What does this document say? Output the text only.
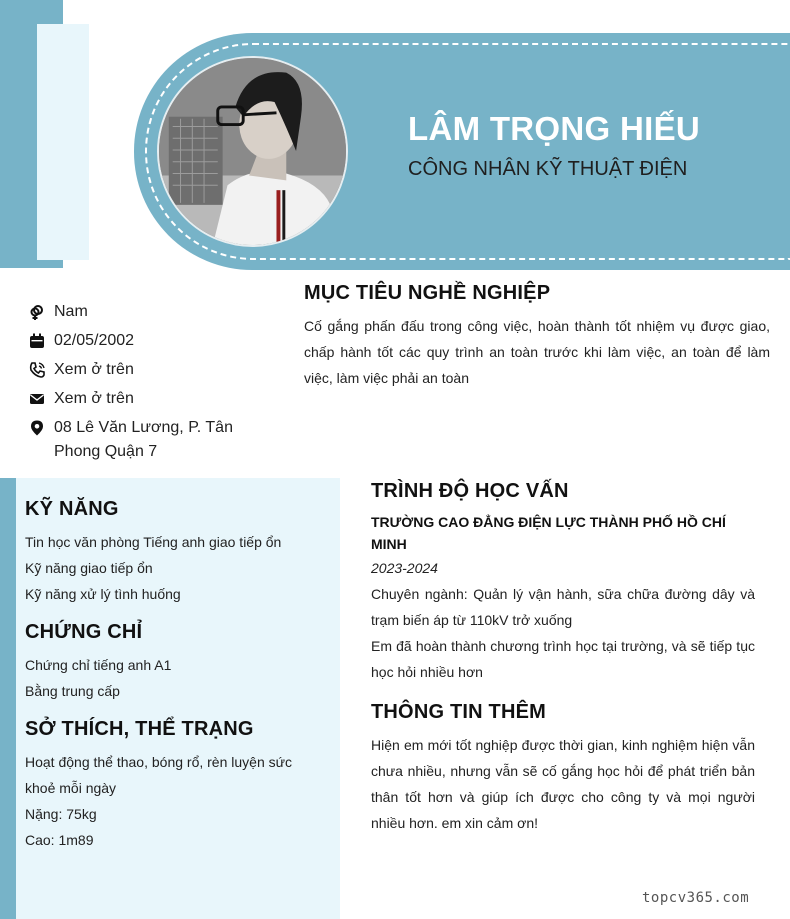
LÂM TRỌNG HIẾU
CÔNG NHÂN KỸ THUẬT ĐIỆN
Nam
02/05/2002
Xem ở trên
Xem ở trên
08 Lê Văn Lương, P. Tân Phong Quận 7
MỤC TIÊU NGHỀ NGHIỆP

Cố gắng phấn đấu trong công việc, hoàn thành tốt nhiệm vụ được giao, chấp hành tốt các quy trình an toàn trước khi làm việc, an toàn để làm việc, làm việc phải an toàn

KỸ NĂNG
Tin học văn phòng Tiếng anh giao tiếp ổn
Kỹ năng giao tiếp ổn
Kỹ năng xử lý tình huống
CHỨNG CHỈ
Chứng chỉ tiếng anh A1
Bằng trung cấp
SỞ THÍCH, THỂ TRẠNG
Hoạt động thể thao, bóng rổ, rèn luyện sức khoẻ mỗi ngày
Nặng: 75kg
Cao: 1m89
TRÌNH ĐỘ HỌC VẤN
TRƯỜNG CAO ĐẲNG ĐIỆN LỰC THÀNH PHỐ HỒ CHÍ MINH
2023-2024

Chuyên ngành: Quản lý vận hành, sữa chữa đường dây và trạm biến áp từ 110kV trở xuống

Em đã hoàn thành chương trình học tại trường, và sẽ tiếp tục học hỏi nhiều hơn

THÔNG TIN THÊM

Hiện em mới tốt nghiệp được thời gian, kinh nghiệm hiện vẫn chưa nhiều, nhưng vẫn sẽ cố gắng học hỏi để phát triển bản thân tốt hơn và giúp ích được cho công ty và mọi người nhiều hơn. em xin cảm ơn!

topcv365.com
